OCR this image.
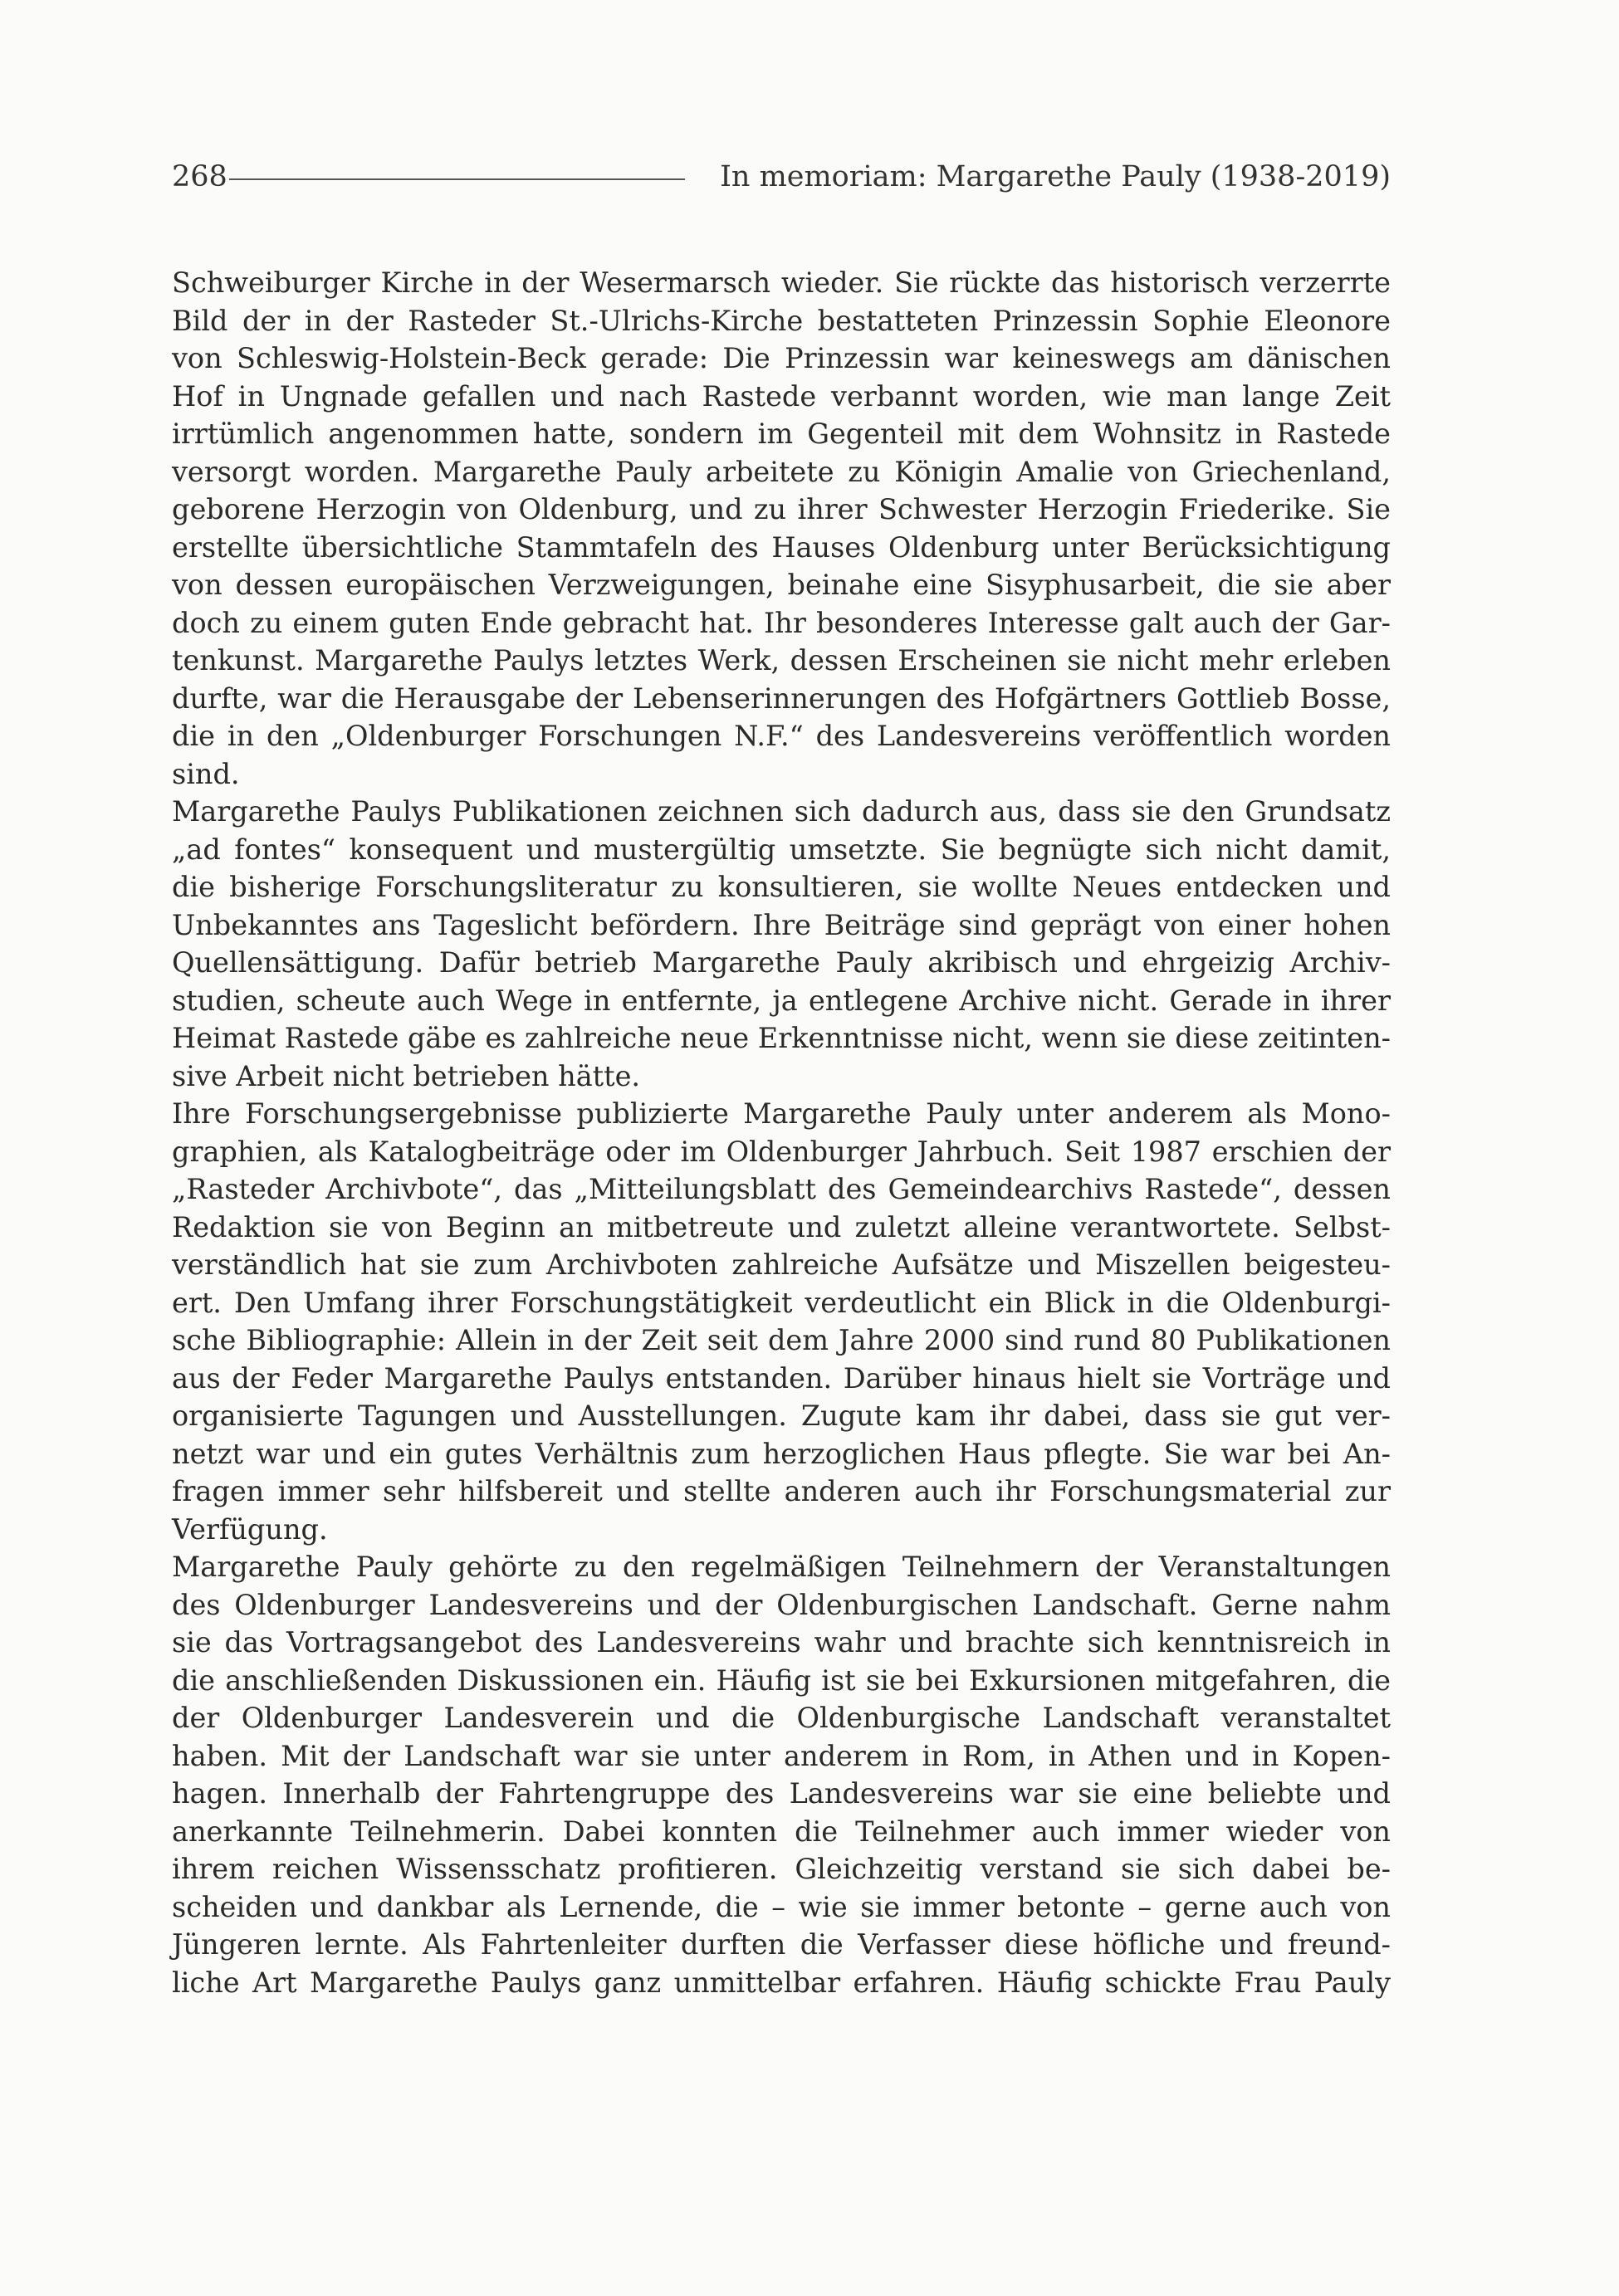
268	In memoriam: Margarethe Pauly (1938-2019)
Schweiburger Kirche in der Wesermarsch wieder. Sie rückte das historisch verzerrte
Bild der in der Rasteder St.-Ulrichs-Kirche bestatteten Prinzessin Sophie Eleonore
von Schleswig-Holstein-Beck gerade: Die Prinzessin war keineswegs am dänischen
Hof in Ungnade gefallen und nach Rastede verbannt worden, wie man lange Zeit
irrtümlich angenommen hatte, sondern im Gegenteil mit dem Wohnsitz in Rastede
versorgt worden. Margarethe Pauly arbeitete zu Königin Amalie von Griechenland,
geborene Herzogin von Oldenburg, und zu ihrer Schwester Herzogin Friederike. Sie
erstellte übersichtliche Stammtafeln des Hauses Oldenburg unter Berücksichtigung
von dessen europäischen Verzweigungen, beinahe eine Sisyphusarbeit, die sie aber
doch zu einem guten Ende gebracht hat. Ihr besonderes Interesse galt auch der Gar-
tenkunst. Margarethe Paulys letztes Werk, dessen Erscheinen sie nicht mehr erleben
durfte, war die Herausgabe der Lebenserinnerungen des Hofgärtners Gottlieb Bosse,
die in den „Oldenburger Forschungen N.F.“ des Landesvereins veröffentlich worden
sind.
Margarethe Paulys Publikationen zeichnen sich dadurch aus, dass sie den Grundsatz
„ad fontes“ konsequent und mustergültig umsetzte. Sie begnügte sich nicht damit,
die bisherige Forschungsliteratur zu konsultieren, sie wollte Neues entdecken und
Unbekanntes ans Tageslicht befördern. Ihre Beiträge sind geprägt von einer hohen
Quellensättigung. Dafür betrieb Margarethe Pauly akribisch und ehrgeizig Archiv-
studien, scheute auch Wege in entfernte, ja entlegene Archive nicht. Gerade in ihrer
Heimat Rastede gäbe es zahlreiche neue Erkenntnisse nicht, wenn sie diese zeitinten-
sive Arbeit nicht betrieben hätte.
Ihre Forschungsergebnisse publizierte Margarethe Pauly unter anderem als Mono-
graphien, als Katalogbeiträge oder im Oldenburger Jahrbuch. Seit 1987 erschien der
„Rasteder Archivbote“, das „Mitteilungsblatt des Gemeindearchivs Rastede“, dessen
Redaktion sie von Beginn an mitbetreute und zuletzt alleine verantwortete. Selbst-
verständlich hat sie zum Archivboten zahlreiche Aufsätze und Miszellen beigesteu-
ert. Den Umfang ihrer Forschungstätigkeit verdeutlicht ein Blick in die Oldenburgi-
sche Bibliographie: Allein in der Zeit seit dem Jahre 2000 sind rund 80 Publikationen
aus der Feder Margarethe Paulys entstanden. Darüber hinaus hielt sie Vorträge und
organisierte Tagungen und Ausstellungen. Zugute kam ihr dabei, dass sie gut ver-
netzt war und ein gutes Verhältnis zum herzoglichen Haus pflegte. Sie war bei An-
fragen immer sehr hilfsbereit und stellte anderen auch ihr Forschungsmaterial zur
Verfügung.
Margarethe Pauly gehörte zu den regelmäßigen Teilnehmern der Veranstaltungen
des Oldenburger Landesvereins und der Oldenburgischen Landschaft. Gerne nahm
sie das Vortragsangebot des Landesvereins wahr und brachte sich kenntnisreich in
die anschließenden Diskussionen ein. Häufig ist sie bei Exkursionen mitgefahren, die
der Oldenburger Landesverein und die Oldenburgische Landschaft veranstaltet
haben. Mit der Landschaft war sie unter anderem in Rom, in Athen und in Kopen-
hagen. Innerhalb der Fahrtengruppe des Landesvereins war sie eine beliebte und
anerkannte Teilnehmerin. Dabei konnten die Teilnehmer auch immer wieder von
ihrem reichen Wissensschatz profitieren. Gleichzeitig verstand sie sich dabei be-
scheiden und dankbar als Lernende, die – wie sie immer betonte – gerne auch von
Jüngeren lernte. Als Fahrtenleiter durften die Verfasser diese höfliche und freund-
liche Art Margarethe Paulys ganz unmittelbar erfahren. Häufig schickte Frau Pauly
